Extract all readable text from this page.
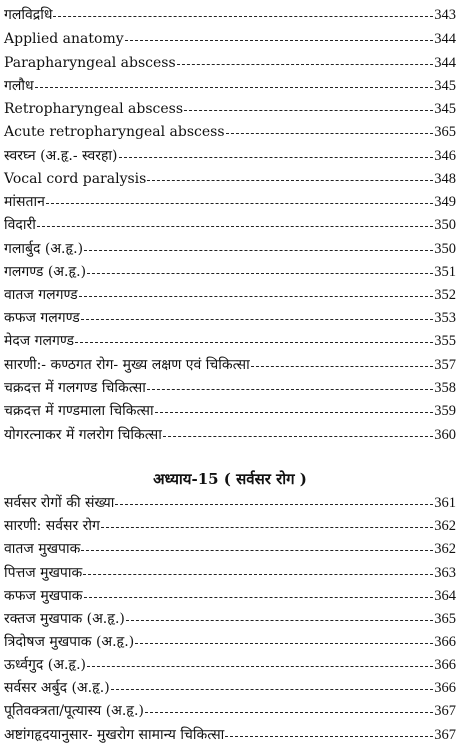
गलविद्रधि	343
Applied anatomy	344
Parapharyngeal abscess	344
गलौध	345
Retropharyngeal abscess	345
Acute retropharyngeal abscess	365
स्वरघ्न (अ.हृ.- स्वरहा)	346
Vocal cord paralysis	348
मांसतान	349
विदारी	350
गलार्बुद (अ.हृ.)	350
गलगण्ड (अ.हृ.)	351
वातज गलगण्ड	352
कफज गलगण्ड	353
मेदज गलगण्ड	355
सारणी:- कण्ठगत रोग- मुख्य लक्षण एवं चिकित्सा	357
चक्रदत्त में गलगण्ड चिकित्सा	358
चक्रदत्त में गण्डमाला चिकित्सा	359
योगरत्नाकर में गलरोग चिकित्सा	360
अध्याय-15 ( सर्वसर रोग )
सर्वसर रोगों की संख्या	361
सारणी: सर्वसर रोग	362
वातज मुखपाक	362
पित्तज मुखपाक	363
कफज मुखपाक	364
रक्तज मुखपाक (अ.हृ.)	365
त्रिदोषज मुखपाक (अ.हृ.)	366
ऊर्ध्वगुद (अ.हृ.)	366
सर्वसर अर्बुद (अ.हृ.)	366
पूतिवक्त्रता/पूत्यास्य (अ.हृ.)	367
अष्टांगहृदयानुसार- मुखरोग सामान्य चिकित्सा	367
